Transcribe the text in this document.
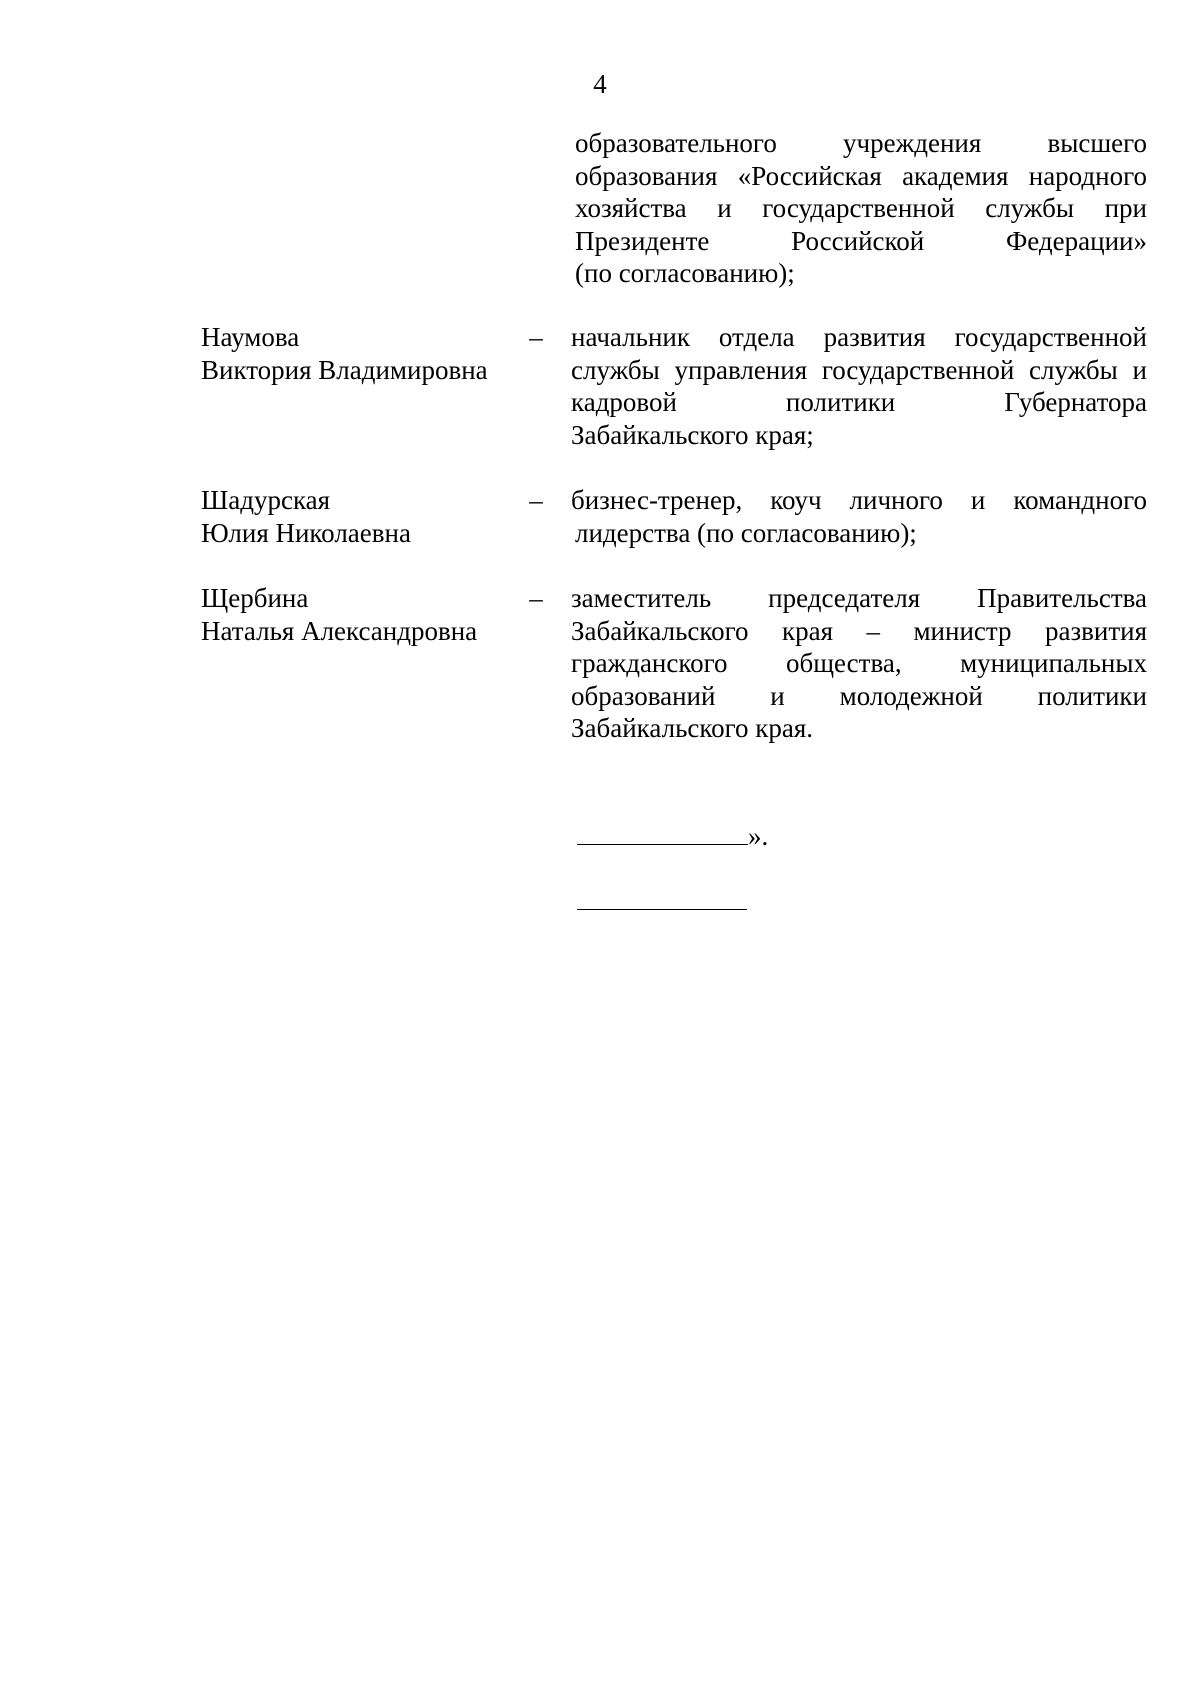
4
образовательного учреждения высшего
образования «Российская академия народного
хозяйства и государственной службы при
Президенте Российской Федерации»
(по согласованию);
Наумова
Виктория Владимировна
– начальник отдела развития государственной
службы управления государственной службы и
кадровой политики Губернатора
Забайкальского края;
Шадурская
Юлия Николаевна
– бизнес-тренер, коуч личного и командного
лидерства (по согласованию);
Щербина
Наталья Александровна
– заместитель председателя Правительства
Забайкальского края – министр развития
гражданского общества, муниципальных
образований и молодежной политики
Забайкальского края.
».
